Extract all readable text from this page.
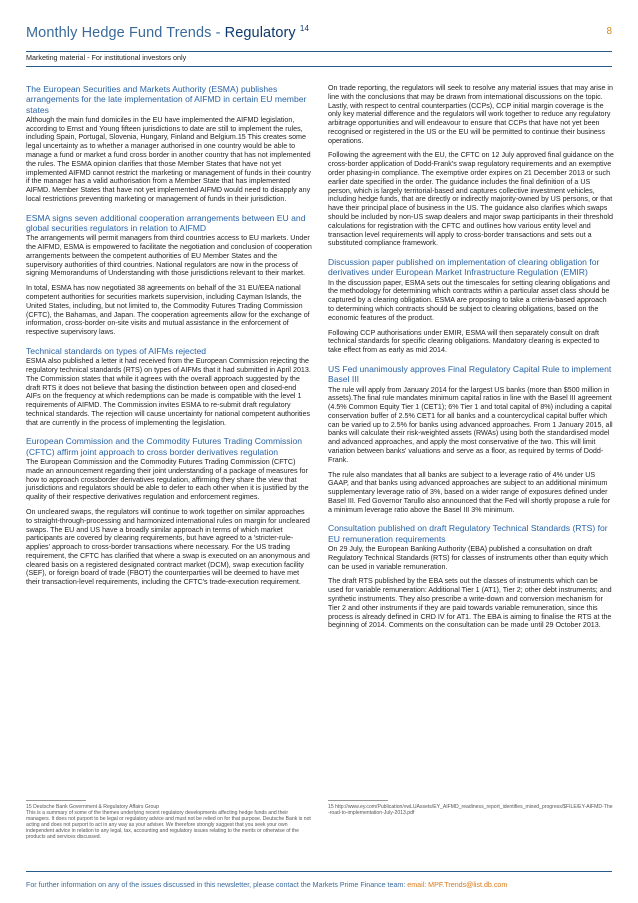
Monthly Hedge Fund Trends - Regulatory $^{14}$	8
Marketing material - For institutional investors only
The European Securities and Markets Authority (ESMA) publishes arrangements for the late implementation of AIFMD in certain EU member states
Although the main fund domiciles in the EU have implemented the AIFMD legislation, according to Ernst and Young fifteen jurisdictions to date are still to implement the rules, including Spain, Portugal, Slovenia, Hungary, Finland and Belgium.15 This creates some legal uncertainty as to whether a manager authorised in one country would be able to manage a fund or market a fund cross border in another country that has not implemented the rules. The ESMA opinion clarifies that those Member States that have not yet implemented AIFMD cannot restrict the marketing or management of funds in their country if the manager has a valid authorisation from a Member State that has implemented AIFMD. Member States that have not yet implemented AIFMD would need to disapply any local restrictions preventing marketing or management of funds in their jurisdiction.
ESMA signs seven additional cooperation arrangements between EU and global securities regulators in relation to AIFMD
The arrangements will permit managers from third countries access to EU markets. Under the AIFMD, ESMA is empowered to facilitate the negotiation and conclusion of cooperation arrangements between the competent authorities of EU Member States and the supervisory authorities of third countries. National regulators are now in the process of signing Memorandums of Understanding with those jurisdictions relevant to their market.
In total, ESMA has now negotiated 38 agreements on behalf of the 31 EU/EEA national competent authorities for securities markets supervision, including Cayman Islands, the United States, including, but not limited to, the Commodity Futures Trading Commission (CFTC), the Bahamas, and Japan. The cooperation agreements allow for the exchange of information, cross-border on-site visits and mutual assistance in the enforcement of respective supervisory laws.
Technical standards on types of AIFMs rejected
ESMA also published a letter it had received from the European Commission rejecting the regulatory technical standards (RTS) on types of AIFMs that it had submitted in April 2013. The Commission states that while it agrees with the overall approach suggested by the draft RTS it does not believe that basing the distinction between open and closed-end AIFs on the frequency at which redemptions can be made is compatible with the level 1 requirements of AIFMD. The Commission invites ESMA to re-submit draft regulatory technical standards. The rejection will cause uncertainty for national competent authorities that are currently in the process of implementing the legislation.
European Commission and the Commodity Futures Trading Commission (CFTC) affirm joint approach to cross border derivatives regulation
The European Commission and the Commodity Futures Trading Commission (CFTC) made an announcement regarding their joint understanding of a package of measures for how to approach crossborder derivatives regulation, affirming they share the view that jurisdictions and regulators should be able to defer to each other when it is justified by the quality of their respective derivatives regulation and enforcement regimes.
On uncleared swaps, the regulators will continue to work together on similar approaches to straight-through-processing and harmonized international rules on margin for uncleared swaps. The EU and US have a broadly similar approach in terms of which market participants are covered by clearing requirements, but have agreed to a 'stricter-rule-applies' approach to cross-border transactions where necessary. For the US trading requirement, the CFTC has clarified that where a swap is executed on an anonymous and cleared basis on a registered designated contract market (DCM), swap execution facility (SEF), or foreign board of trade (FBOT) the counterparties will be deemed to have met their transaction-level requirements, including the CFTC's trade-execution requirement.
On trade reporting, the regulators will seek to resolve any material issues that may arise in line with the conclusions that may be drawn from international discussions on the topic. Lastly, with respect to central counterparties (CCPs), CCP initial margin coverage is the only key material difference and the regulators will work together to reduce any regulatory arbitrage opportunities and will endeavour to ensure that CCPs that have not yet been recognised or registered in the US or the EU will be permitted to continue their business operations.
Following the agreement with the EU, the CFTC on 12 July approved final guidance on the cross-border application of Dodd-Frank's swap regulatory requirements and an exemptive order phasing-in compliance. The exemptive order expires on 21 December 2013 or such earlier date specified in the order. The guidance includes the final definition of a US person, which is largely territorial-based and captures collective investment vehicles, including hedge funds, that are directly or indirectly majority-owned by US persons, or that have their principal place of business in the US. The guidance also clarifies which swaps should be included by non-US swap dealers and major swap participants in their threshold calculations for registration with the CFTC and outlines how various entity level and transaction level requirements will apply to cross-border transactions and sets out a substituted compliance framework.
Discussion paper published on implementation of clearing obligation for derivatives under European Market Infrastructure Regulation (EMIR)
In the discussion paper, ESMA sets out the timescales for setting clearing obligations and the methodology for determining which contracts within a particular asset class should be captured by a clearing obligation. ESMA are proposing to take a criteria-based approach to determining which contracts should be subject to clearing obligations, based on the economic features of the product.
Following CCP authorisations under EMIR, ESMA will then separately consult on draft technical standards for specific clearing obligations. Mandatory clearing is expected to take effect from as early as mid 2014.
US Fed unanimously approves Final Regulatory Capital Rule to implement Basel III
The rule will apply from January 2014 for the largest US banks (more than $500 million in assets).The final rule mandates minimum capital ratios in line with the Basel III agreement (4.5% Common Equity Tier 1 (CET1); 6% Tier 1 and total capital of 8%) including a capital conservation buffer of 2.5% CET1 for all banks and a countercyclical capital buffer which can be varied up to 2.5% for banks using advanced approaches. From 1 January 2015, all banks will calculate their risk-weighted assets (RWAs) using both the standardised model and advanced approaches, and apply the most conservative of the two. This will limit variation between banks' valuations and serve as a floor, as required by terms of Dodd-Frank.
The rule also mandates that all banks are subject to a leverage ratio of 4% under US GAAP, and that banks using advanced approaches are subject to an additional minimum supplementary leverage ratio of 3%, based on a wider range of exposures defined under Basel III. Fed Governor Tarullo also announced that the Fed will shortly propose a rule for a minimum leverage ratio above the Basel III 3% minimum.
Consultation published on draft Regulatory Technical Standards (RTS) for EU remuneration requirements
On 29 July, the European Banking Authority (EBA) published a consultation on draft Regulatory Technical Standards (RTS) for classes of instruments other than equity which can be used in variable remuneration.
The draft RTS published by the EBA sets out the classes of instruments which can be used for variable remuneration: Additional Tier 1 (AT1), Tier 2; other debt instruments; and synthetic instruments. They also prescribe a write-down and conversion mechanism for Tier 2 and other instruments if they are paid towards variable remuneration, since this process is already defined in CRD IV for AT1. The EBA is aiming to finalise the RTS at the beginning of 2014. Comments on the consultation can be made until 29 October 2013.
15 Deutsche Bank Government & Regulatory Affairs Group
This is a summary of some of the themes underlying recent regulatory developments affecting hedge funds and their managers. It does not purport to be legal or regulatory advice and must not be relied on for that purpose. Deutsche Bank is not acting and does not purport to act in any way as your adviser. We therefore strongly suggest that you seek your own independent advice in relation to any legal, tax, accounting and regulatory issues relating to the merits or otherwise of the products and services discussed.
15 http://www.ey.com/Publication/vwLUAssets/EY_AIFMD_readiness_report_identifies_mixed_progress/$FILE/EY-AIFMD-The-road-to-implementation-July-2013.pdf
For further information on any of the issues discussed in this newsletter, please contact the Markets Prime Finance team: email: MPF.Trends@list.db.com
